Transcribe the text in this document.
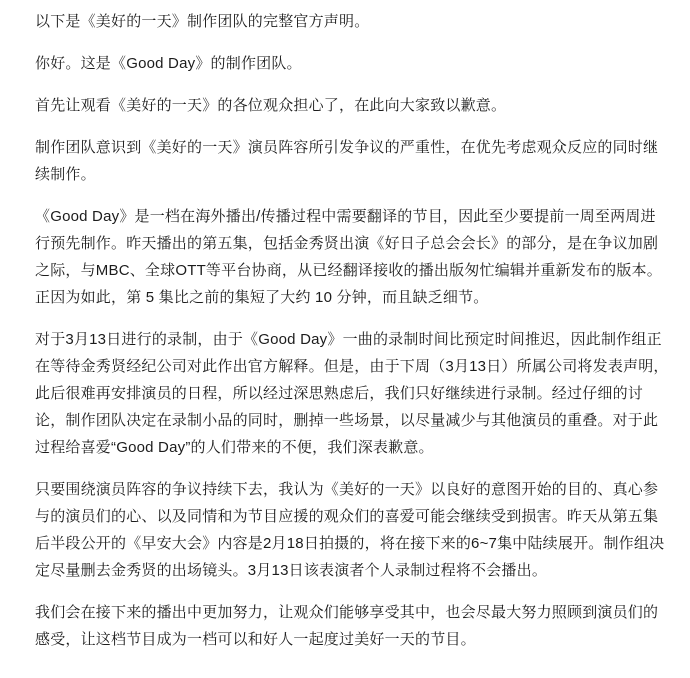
以下是《美好的一天》制作团队的完整官方声明。

你好。这是《Good Day》的制作团队。

首先让观看《美好的一天》的各位观众担心了，在此向大家致以歉意。

制作团队意识到《美好的一天》演员阵容所引发争议的严重性，在优先考虑观众反应的同时继续制作。

《Good Day》是一档在海外播出/传播过程中需要翻译的节目，因此至少要提前一周至两周进行预先制作。昨天播出的第五集，包括金秀贤出演《好日子总会会长》的部分，是在争议加剧之际，与MBC、全球OTT等平台协商，从已经翻译接收的播出版匆忙编辑并重新发布的版本。正因为如此，第 5 集比之前的集短了大约 10 分钟，而且缺乏细节。

对于3月13日进行的录制，由于《Good Day》一曲的录制时间比预定时间推迟，因此制作组正在等待金秀贤经纪公司对此作出官方解释。但是，由于下周（3月13日）所属公司将发表声明，此后很难再安排演员的日程，所以经过深思熟虑后，我们只好继续进行录制。经过仔细的讨论，制作团队决定在录制小品的同时，删掉一些场景，以尽量减少与其他演员的重叠。对于此过程给喜爱“Good Day”的人们带来的不便，我们深表歉意。

只要围绕演员阵容的争议持续下去，我认为《美好的一天》以良好的意图开始的目的、真心参与的演员们的心、以及同情和为节目应援的观众们的喜爱可能会继续受到损害。昨天从第五集后半段公开的《早安大会》内容是2月18日拍摄的，将在接下来的6~7集中陆续展开。制作组决定尽量删去金秀贤的出场镜头。3月13日该表演者个人录制过程将不会播出。

我们会在接下来的播出中更加努力，让观众们能够享受其中，也会尽最大努力照顾到演员们的感受，让这档节目成为一档可以和好人一起度过美好一天的节目。
